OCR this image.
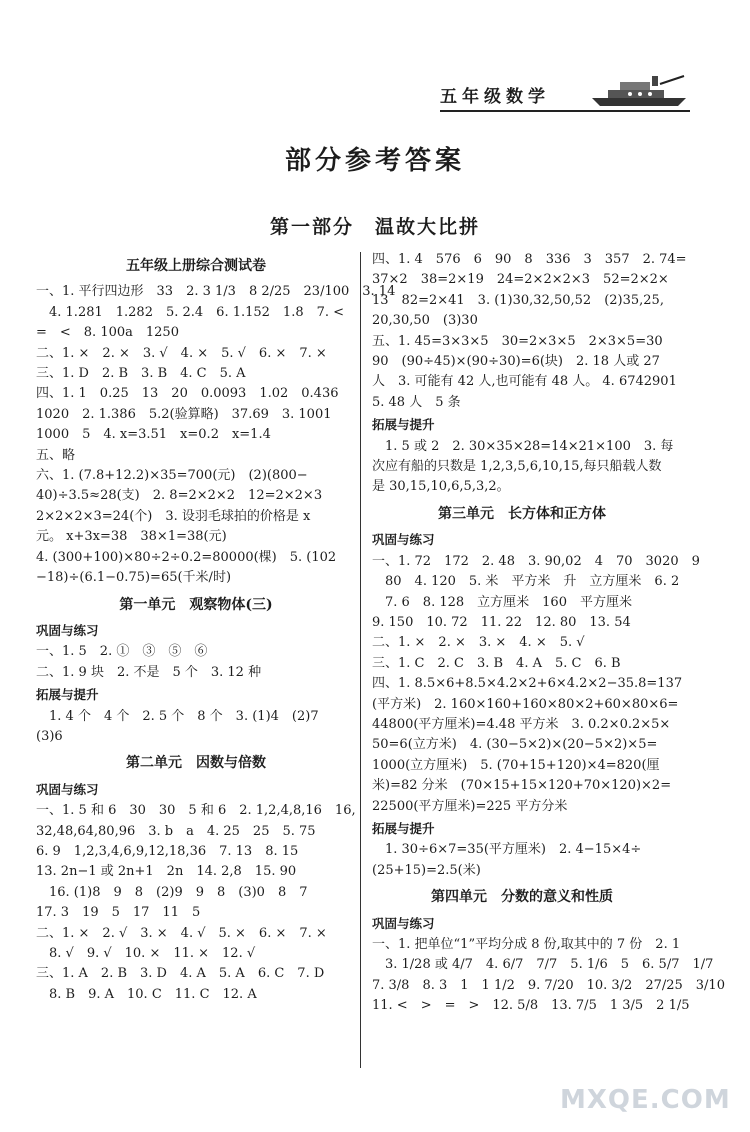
五年级数学
部分参考答案
第一部分　温故大比拼
五年级上册综合测试卷
一、1. 平行四边形　33　2. 3 1/3　8 2/25　23/100　3. 14
　4. 1.281　1.282　5. 2.4　6. 1.152　1.8　7. <
=　<　8. 100a　1250
二、1. ×　2. ×　3. √　4. ×　5. √　6. ×　7. ×
三、1. D　2. B　3. B　4. C　5. A
四、1. 1　0.25　13　20　0.0093　1.02　0.436
1020　2. 1.386　5.2(验算略)　37.69　3. 1001
1000　5　4. x=3.51　x=0.2　x=1.4
五、略
六、1. (7.8+12.2)×35=700(元)　(2)(800−
40)÷3.5≈28(支)　2. 8=2×2×2　12=2×2×3
2×2×2×3=24(个)　3. 设羽毛球拍的价格是 x
元。 x+3x=38　38×1=38(元)
4. (300+100)×80÷2÷0.2=80000(棵)　5. (102
−18)÷(6.1−0.75)=65(千米/时)
第一单元　观察物体(三)
巩固与练习
一、1. 5　2. ①　③　⑤　⑥
二、1. 9 块　2. 不是　5 个　3. 12 种
拓展与提升
　1. 4 个　4 个　2. 5 个　8 个　3. (1)4　(2)7
(3)6
第二单元　因数与倍数
巩固与练习
一、1. 5 和 6　30　30　5 和 6　2. 1,2,4,8,16　16,
32,48,64,80,96　3. b　a　4. 25　25　5. 75
6. 9　1,2,3,4,6,9,12,18,36　7. 13　8. 15
13. 2n−1 或 2n+1　2n　14. 2,8　15. 90
　16. (1)8　9　8　(2)9　9　8　(3)0　8　7
17. 3　19　5　17　11　5
二、1. ×　2. √　3. ×　4. √　5. ×　6. ×　7. ×
　8. √　9. √　10. ×　11. ×　12. √
三、1. A　2. B　3. D　4. A　5. A　6. C　7. D
　8. B　9. A　10. C　11. C　12. A
四、1. 4　576　6　90　8　336　3　357　2. 74=
37×2　38=2×19　24=2×2×2×3　52=2×2×
13　82=2×41　3. (1)30,32,50,52　(2)35,25,
20,30,50　(3)30
五、1. 45=3×3×5　30=2×3×5　2×3×5=30
90　(90÷45)×(90÷30)=6(块)　2. 18 人或 27
人　3. 可能有 42 人,也可能有 48 人。 4. 6742901
5. 48 人　5 条
拓展与提升
　1. 5 或 2　2. 30×35×28=14×21×100　3. 每
次应有船的只数是 1,2,3,5,6,10,15,每只船载人数
是 30,15,10,6,5,3,2。
第三单元　长方体和正方体
巩固与练习
一、1. 72　172　2. 48　3. 90,02　4　70　3020　9
　80　4. 120　5. 米　平方米　升　立方厘米　6. 2
　7. 6　8. 128　立方厘米　160　平方厘米
9. 150　10. 72　11. 22　12. 80　13. 54
二、1. ×　2. ×　3. ×　4. ×　5. √
三、1. C　2. C　3. B　4. A　5. C　6. B
四、1. 8.5×6+8.5×4.2×2+6×4.2×2−35.8=137
(平方米)　2. 160×160+160×80×2+60×80×6=
44800(平方厘米)=4.48 平方米　3. 0.2×0.2×5×
50=6(立方米)　4. (30−5×2)×(20−5×2)×5=
1000(立方厘米)　5. (70+15+120)×4=820(厘
米)=82 分米　(70×15+15×120+70×120)×2=
22500(平方厘米)=225 平方分米
拓展与提升
　1. 30÷6×7=35(平方厘米)　2. 4−15×4÷
(25+15)=2.5(米)
第四单元　分数的意义和性质
巩固与练习
一、1. 把单位“1”平均分成 8 份,取其中的 7 份　2. 1
　3. 1/28 或 4/7　4. 6/7　7/7　5. 1/6　5　6. 5/7　1/7
7. 3/8　8. 3　1　1 1/2　9. 7/20　10. 3/2　27/25　3/10
11. <　>　=　>　12. 5/8　13. 7/5　1 3/5　2 1/5
MXQE.COM
